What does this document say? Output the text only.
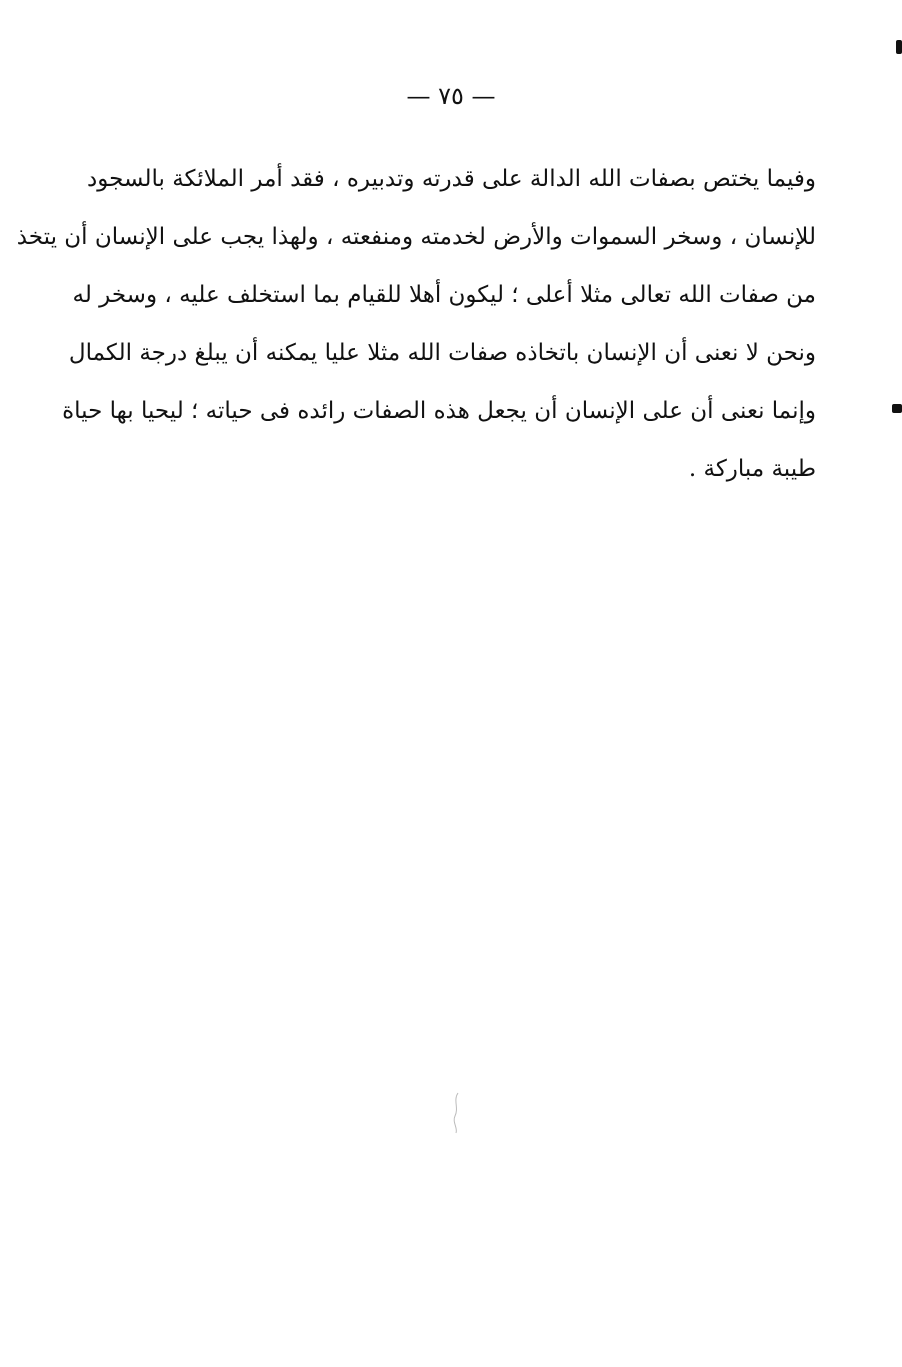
— ٧٥ —
وفيما يختص بصفات الله الدالة على قدرته وتدبيره ، فقد أمر الملائكة بالسجود
للإنسان ، وسخر السموات والأرض لخدمته ومنفعته ، ولهذا يجب على الإنسان أن يتخذ
من صفات الله تعالى مثلا أعلى ؛ ليكون أهلا للقيام بما استخلف عليه ، وسخر له
ونحن لا نعنى أن الإنسان باتخاذه صفات الله مثلا عليا يمكنه أن يبلغ درجة الكمال
وإنما نعنى أن على الإنسان أن يجعل هذه الصفات رائده فى حياته ؛ ليحيا بها حياة
طيبة مباركة .
